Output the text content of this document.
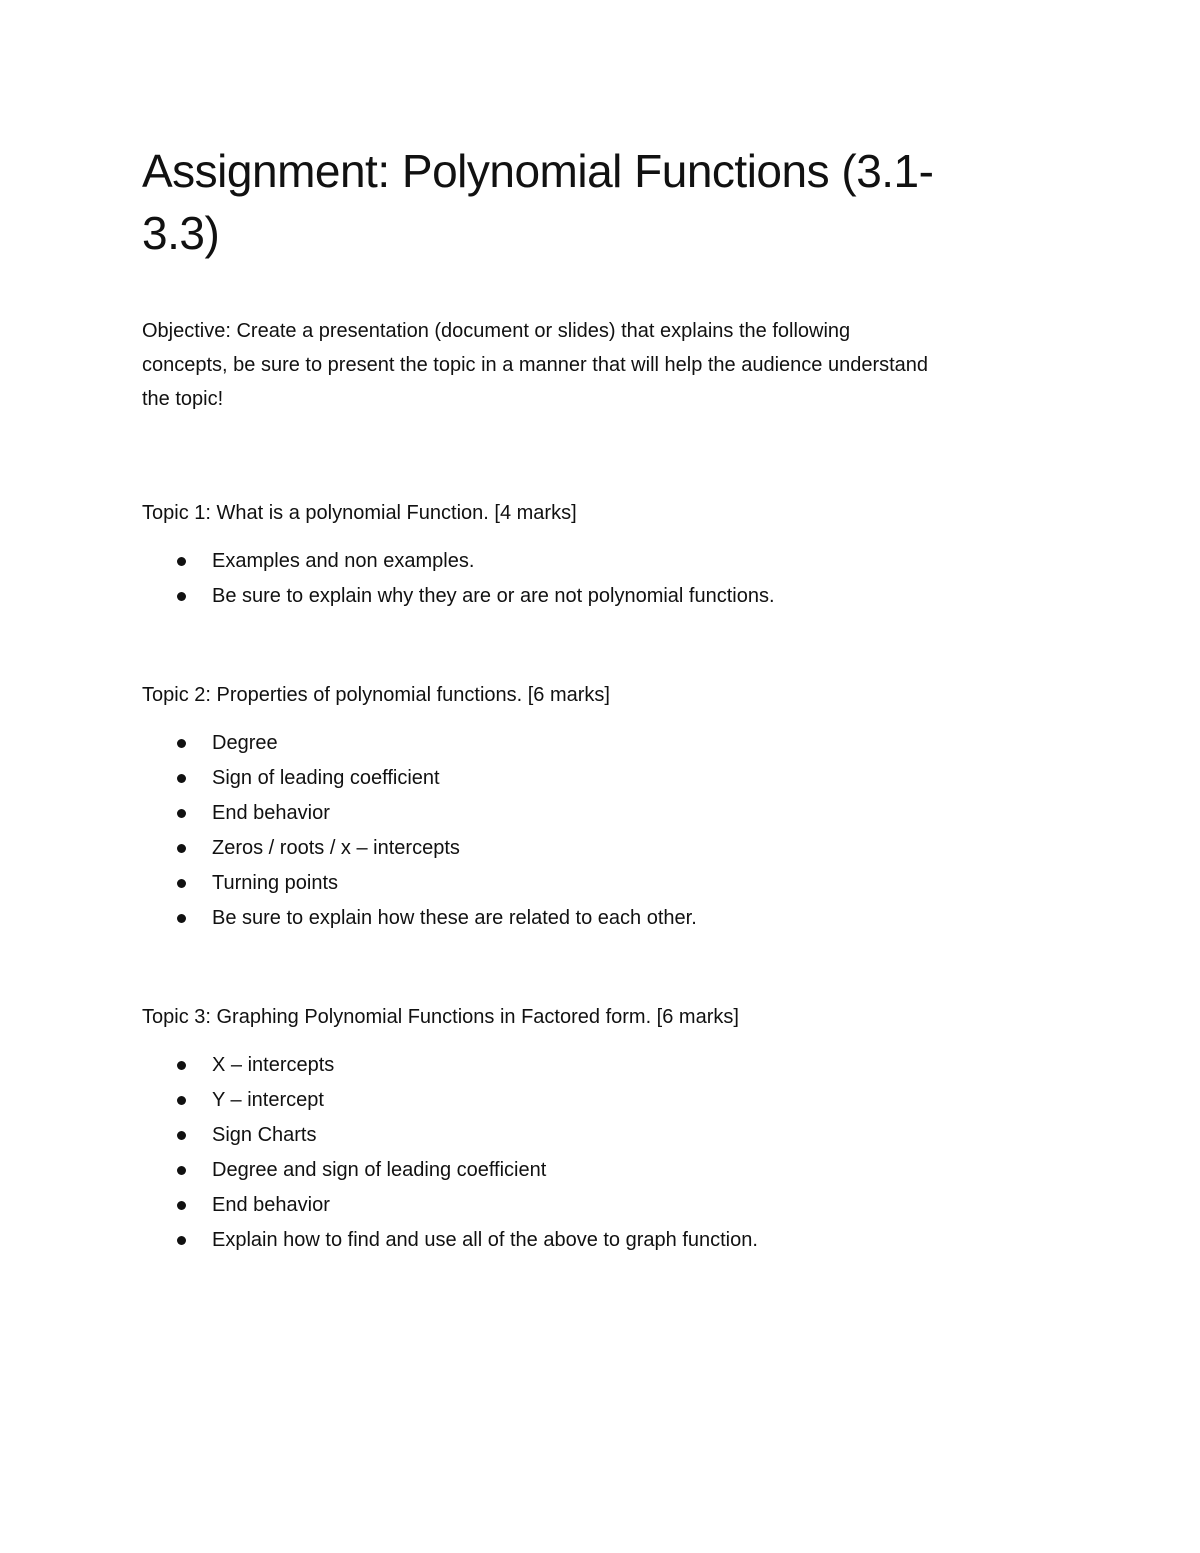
Assignment: Polynomial Functions (3.1-
3.3)

Objective: Create a presentation (document or slides) that explains the following
concepts, be sure to present the topic in a manner that will help the audience understand
the topic!

Topic 1: What is a polynomial Function. [4 marks]

Examples and non examples.
Be sure to explain why they are or are not polynomial functions.

Topic 2: Properties of polynomial functions. [6 marks]

Degree
Sign of leading coefficient
End behavior
Zeros / roots / x – intercepts
Turning points
Be sure to explain how these are related to each other.

Topic 3: Graphing Polynomial Functions in Factored form. [6 marks]

X – intercepts
Y – intercept
Sign Charts
Degree and sign of leading coefficient
End behavior
Explain how to find and use all of the above to graph function.
